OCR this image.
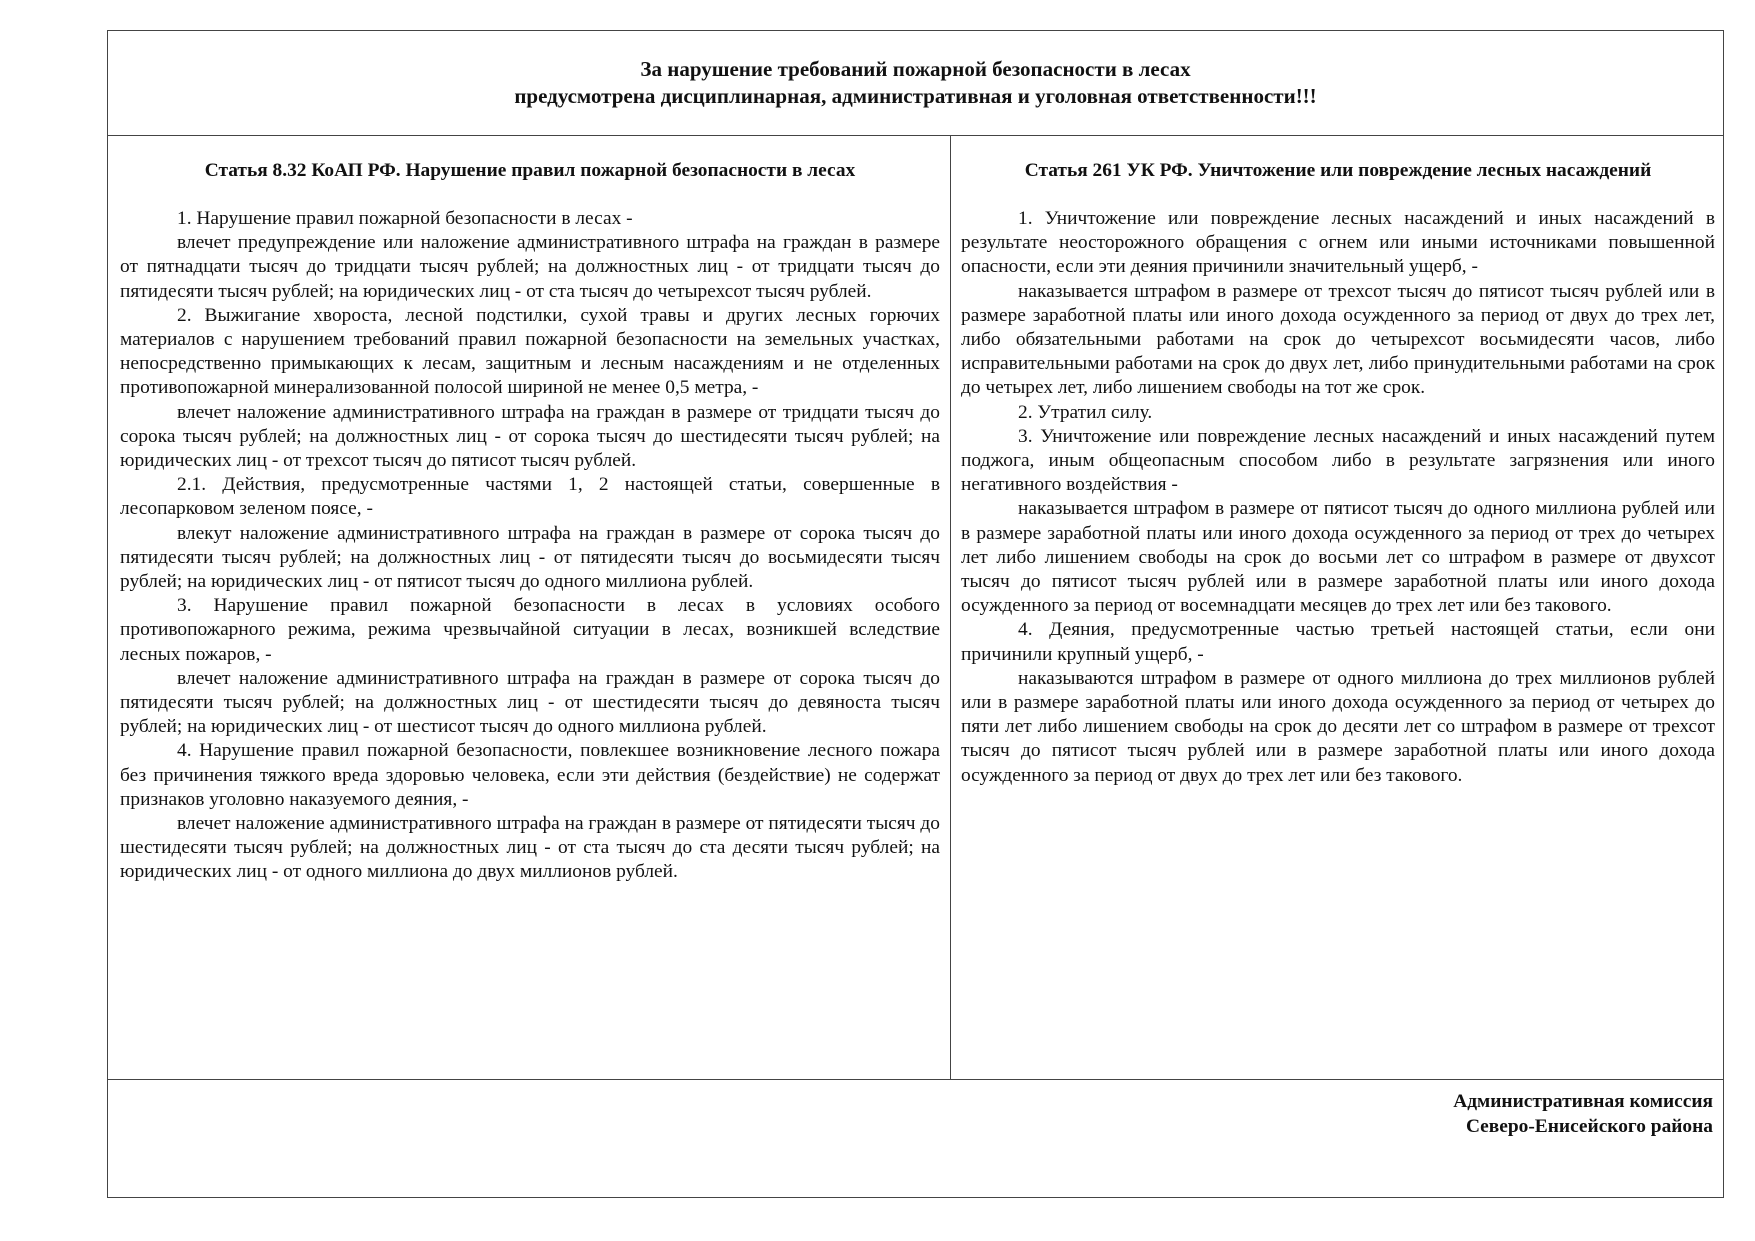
За нарушение требований пожарной безопасности в лесах
предусмотрена дисциплинарная, административная и уголовная ответственности!!!
Статья 8.32 КоАП РФ. Нарушение правил пожарной безопасности в лесах

1. Нарушение правил пожарной безопасности в лесах -

влечет предупреждение или наложение административного штрафа на граждан в размере от пятнадцати тысяч до тридцати тысяч рублей; на должностных лиц - от тридцати тысяч до пятидесяти тысяч рублей; на юридических лиц - от ста тысяч до четырехсот тысяч рублей.

2. Выжигание хвороста, лесной подстилки, сухой травы и других лесных горючих материалов с нарушением требований правил пожарной безопасности на земельных участках, непосредственно примыкающих к лесам, защитным и лесным насаждениям и не отделенных противопожарной минерализованной полосой шириной не менее 0,5 метра, -

влечет наложение административного штрафа на граждан в размере от тридцати тысяч до сорока тысяч рублей; на должностных лиц - от сорока тысяч до шестидесяти тысяч рублей; на юридических лиц - от трехсот тысяч до пятисот тысяч рублей.

2.1. Действия, предусмотренные частями 1, 2 настоящей статьи, совершенные в лесопарковом зеленом поясе, -

влекут наложение административного штрафа на граждан в размере от сорока тысяч до пятидесяти тысяч рублей; на должностных лиц - от пятидесяти тысяч до восьмидесяти тысяч рублей; на юридических лиц - от пятисот тысяч до одного миллиона рублей.

3. Нарушение правил пожарной безопасности в лесах в условиях особого противопожарного режима, режима чрезвычайной ситуации в лесах, возникшей вследствие лесных пожаров, -

влечет наложение административного штрафа на граждан в размере от сорока тысяч до пятидесяти тысяч рублей; на должностных лиц - от шестидесяти тысяч до девяноста тысяч рублей; на юридических лиц - от шестисот тысяч до одного миллиона рублей.

4. Нарушение правил пожарной безопасности, повлекшее возникновение лесного пожара без причинения тяжкого вреда здоровью человека, если эти действия (бездействие) не содержат признаков уголовно наказуемого деяния, -

влечет наложение административного штрафа на граждан в размере от пятидесяти тысяч до шестидесяти тысяч рублей; на должностных лиц - от ста тысяч до ста десяти тысяч рублей; на юридических лиц - от одного миллиона до двух миллионов рублей.

Статья 261 УК РФ. Уничтожение или повреждение лесных насаждений

1. Уничтожение или повреждение лесных насаждений и иных насаждений в результате неосторожного обращения с огнем или иными источниками повышенной опасности, если эти деяния причинили значительный ущерб, -

наказывается штрафом в размере от трехсот тысяч до пятисот тысяч рублей или в размере заработной платы или иного дохода осужденного за период от двух до трех лет, либо обязательными работами на срок до четырехсот восьмидесяти часов, либо исправительными работами на срок до двух лет, либо принудительными работами на срок до четырех лет, либо лишением свободы на тот же срок.

2. Утратил силу.

3. Уничтожение или повреждение лесных насаждений и иных насаждений путем поджога, иным общеопасным способом либо в результате загрязнения или иного негативного воздействия -

наказывается штрафом в размере от пятисот тысяч до одного миллиона рублей или в размере заработной платы или иного дохода осужденного за период от трех до четырех лет либо лишением свободы на срок до восьми лет со штрафом в размере от двухсот тысяч до пятисот тысяч рублей или в размере заработной платы или иного дохода осужденного за период от восемнадцати месяцев до трех лет или без такового.

4. Деяния, предусмотренные частью третьей настоящей статьи, если они причинили крупный ущерб, -

наказываются штрафом в размере от одного миллиона до трех миллионов рублей или в размере заработной платы или иного дохода осужденного за период от четырех до пяти лет либо лишением свободы на срок до десяти лет со штрафом в размере от трехсот тысяч до пятисот тысяч рублей или в размере заработной платы или иного дохода осужденного за период от двух до трех лет или без такового.

Административная комиссия
Северо-Енисейского района
